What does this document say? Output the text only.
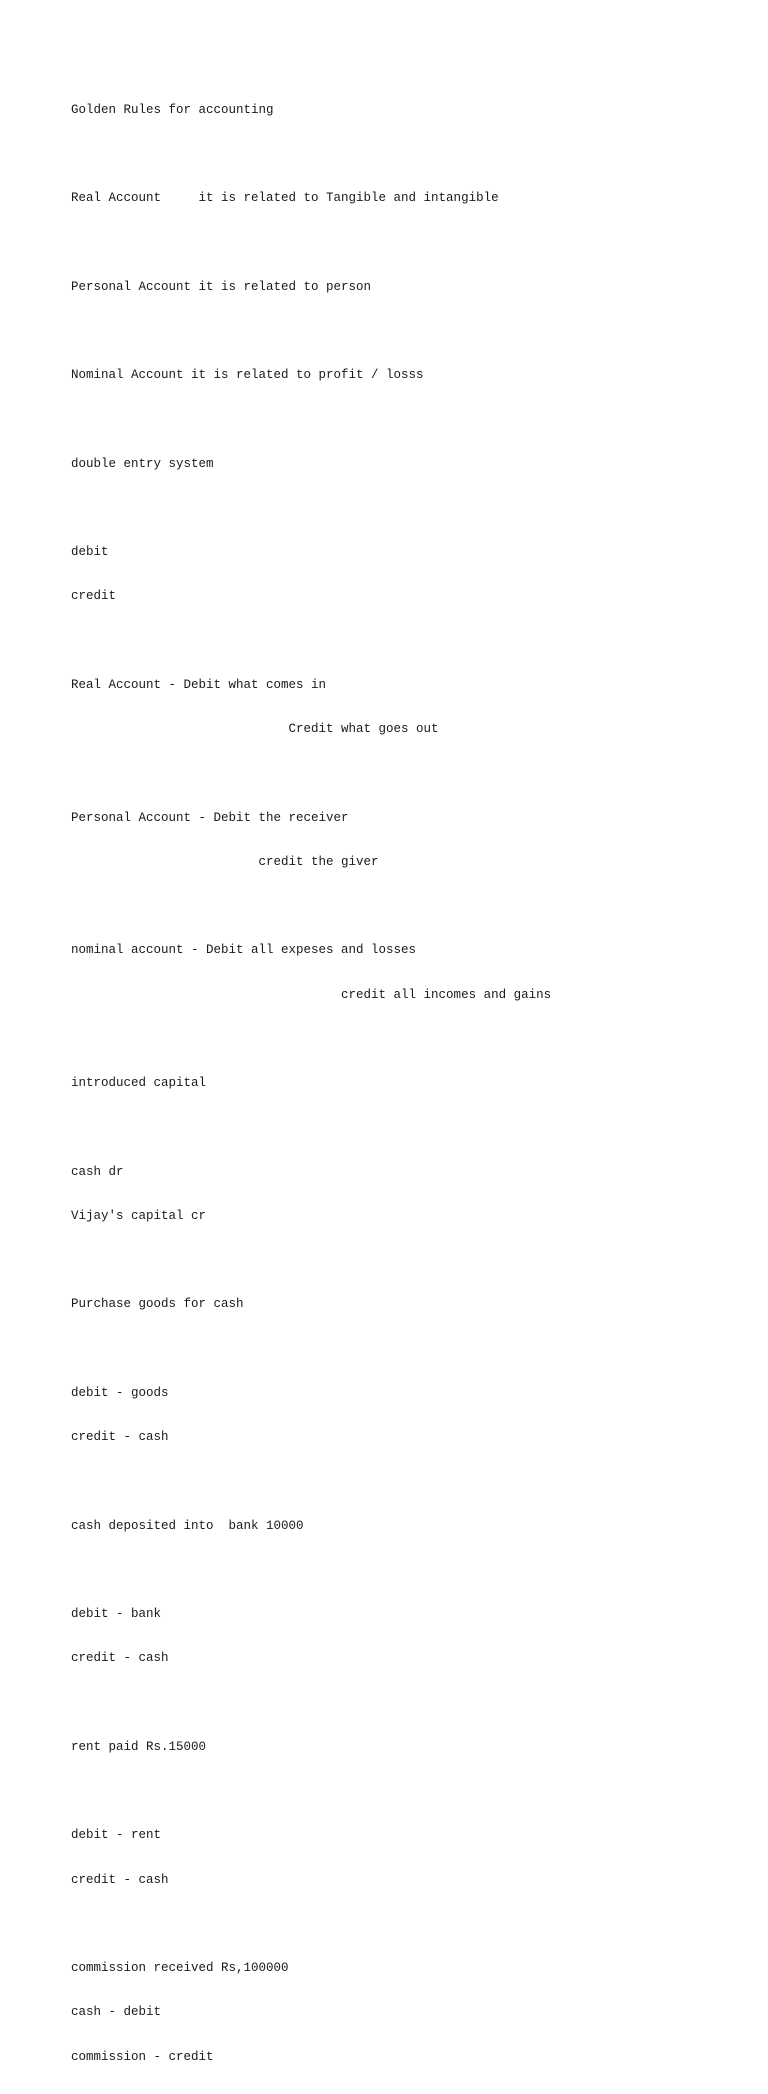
Golden Rules for accounting

Real Account     it is related to Tangible and intangible

Personal Account it is related to person

Nominal Account it is related to profit / losss

double entry system

debit

credit

Real Account - Debit what comes in

Credit what goes out

Personal Account - Debit the receiver

credit the giver

nominal account - Debit all expeses and losses

credit all incomes and gains

introduced capital

cash dr

Vijay's capital cr

Purchase goods for cash

debit - goods

credit - cash

cash deposited into  bank 10000

debit - bank

credit - cash

rent paid Rs.15000

debit - rent

credit - cash

commission received Rs,100000

cash - debit

commission - credit
